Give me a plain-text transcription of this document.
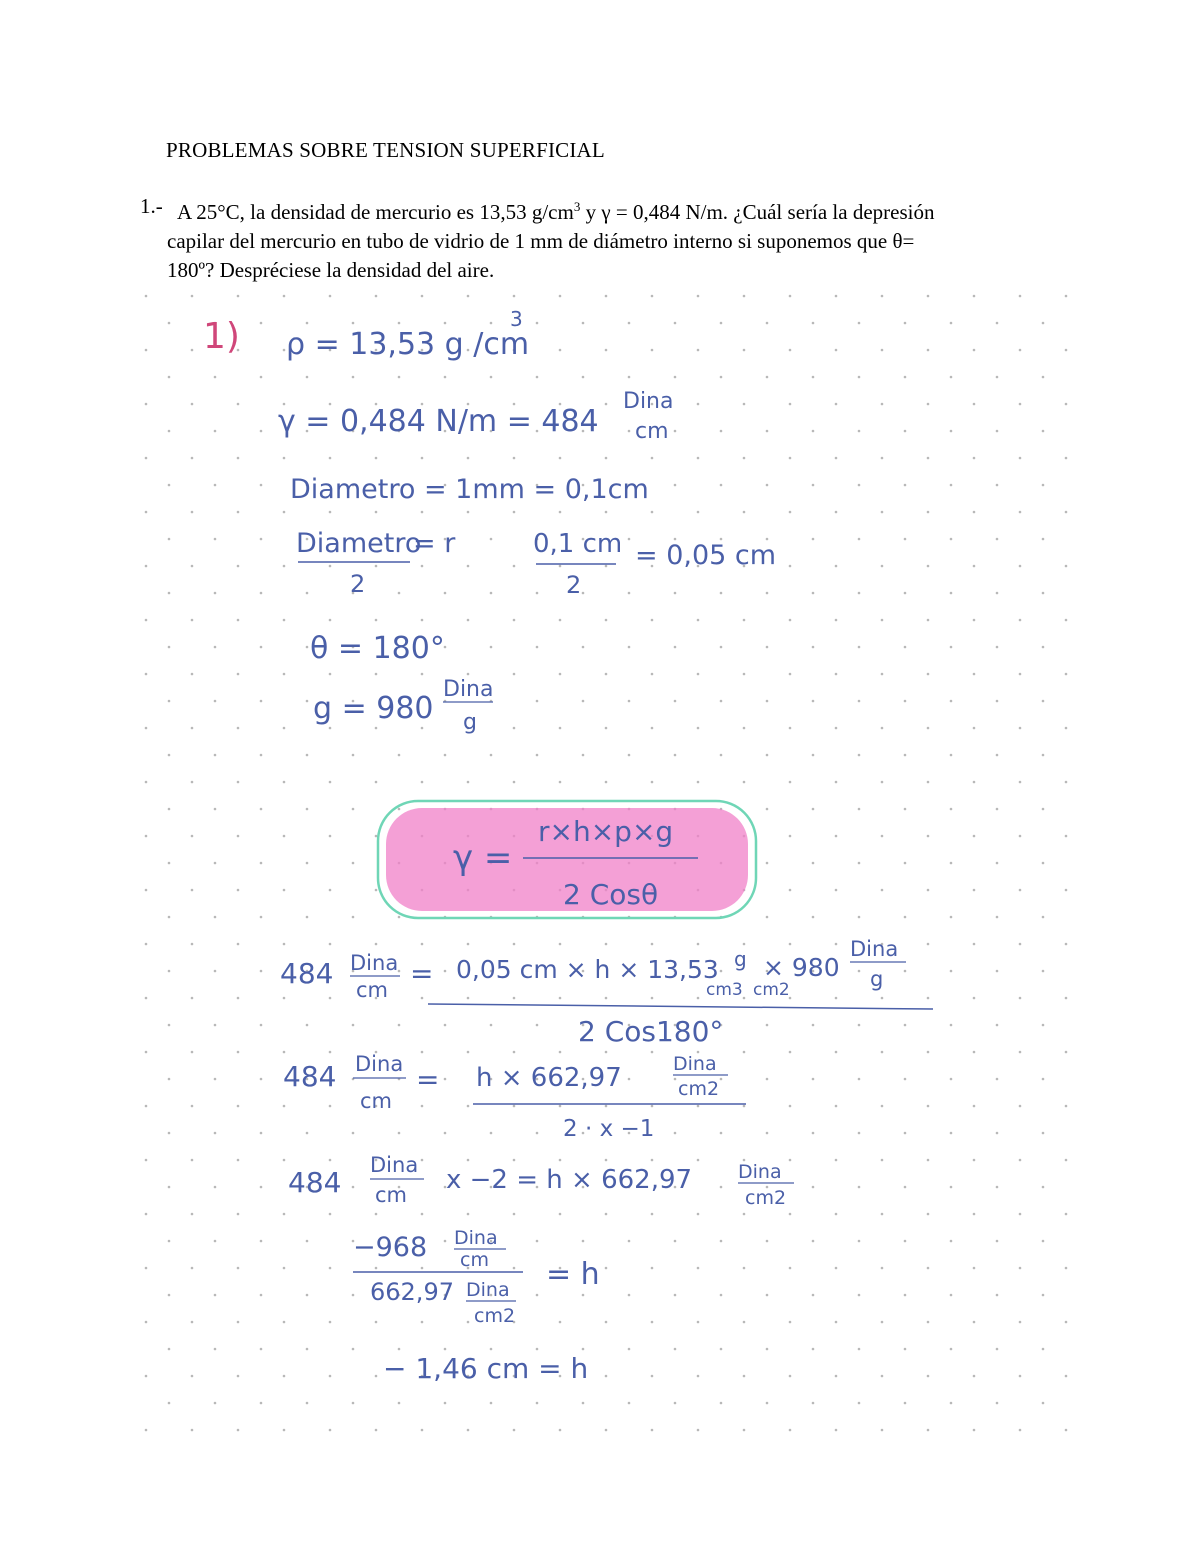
PROBLEMAS SOBRE TENSION SUPERFICIAL
1.- A 25°C, la densidad de mercurio es 13,53 $g/cm^3$ y γ = 0,484 N/m. ¿Cuál sería la depresión
capilar del mercurio en tubo de vidrio de 1 mm de diámetro interno si suponemos que θ=
180º? Despréciese la densidad del aire.
1) ρ = 13,53 g /cm
3
γ = 0,484 N/m = 484
Dina
cm
Diametro = 1mm = 0,1cm
Diametro
2
= r	0,1 cm
2
= 0,05 cm
θ = 180°
g = 980
Dina
g
γ =
r×h×p×g
2 Cosθ
484 Dina
cm = 0,05 cm × h × 13,53 g
cm3 cm2
× 980
Dina
g
2 Cos180°
484 Dina
cm
= h × 662,97	Dina
cm2
2 · x −1
484
Dina
cm x −2 = h × 662,97 Dina
cm2
−968 Dina
cm
662,97 Dina
cm2
= h
− 1,46 cm = h
